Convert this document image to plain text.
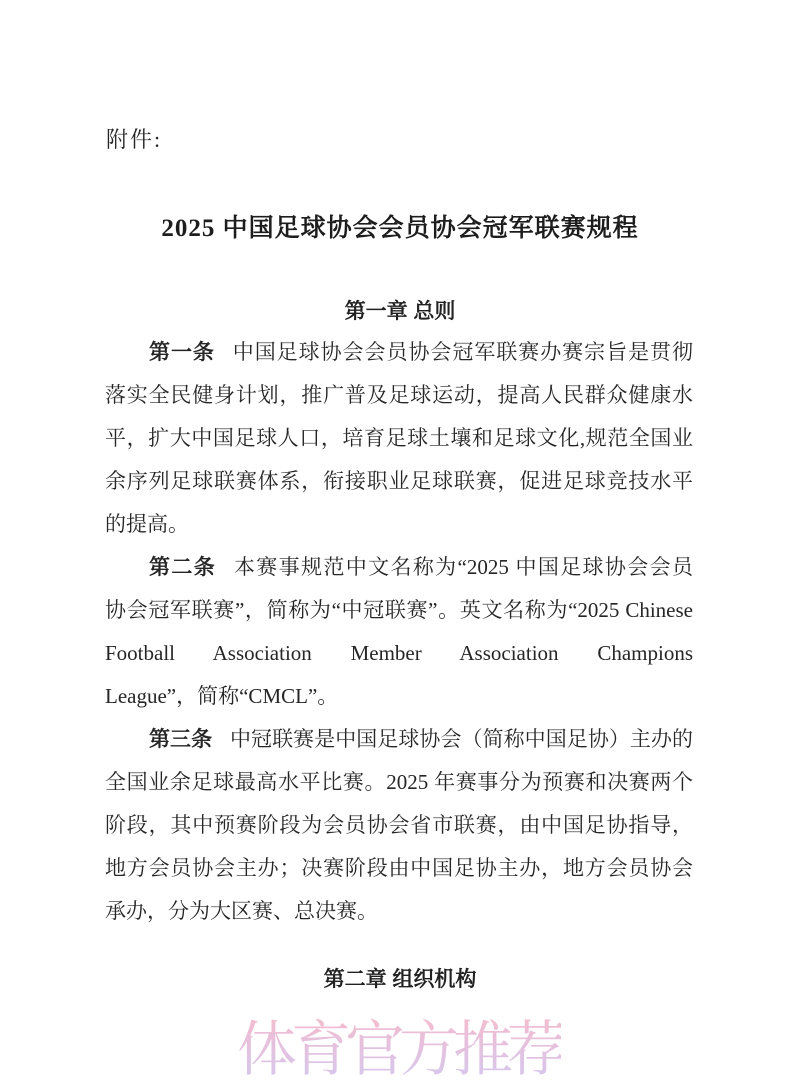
附件:
2025 中国足球协会会员协会冠军联赛规程
第一章 总则

第一条 中国足球协会会员协会冠军联赛办赛宗旨是贯彻

落实全民健身计划，推广普及足球运动，提高人民群众健康水

平，扩大中国足球人口，培育足球土壤和足球文化,规范全国业

余序列足球联赛体系，衔接职业足球联赛，促进足球竞技水平

的提高。

第二条 本赛事规范中文名称为“2025 中国足球协会会员

协会冠军联赛”，简称为“中冠联赛”。英文名称为“2025 Chinese

Football Association Member Association Champions

League”，简称“CMCL”。

第三条 中冠联赛是中国足球协会（简称中国足协）主办的

全国业余足球最高水平比赛。2025 年赛事分为预赛和决赛两个

阶段，其中预赛阶段为会员协会省市联赛，由中国足协指导，

地方会员协会主办；决赛阶段由中国足协主办，地方会员协会

承办，分为大区赛、总决赛。

第二章 组织机构
体育官方推荐
